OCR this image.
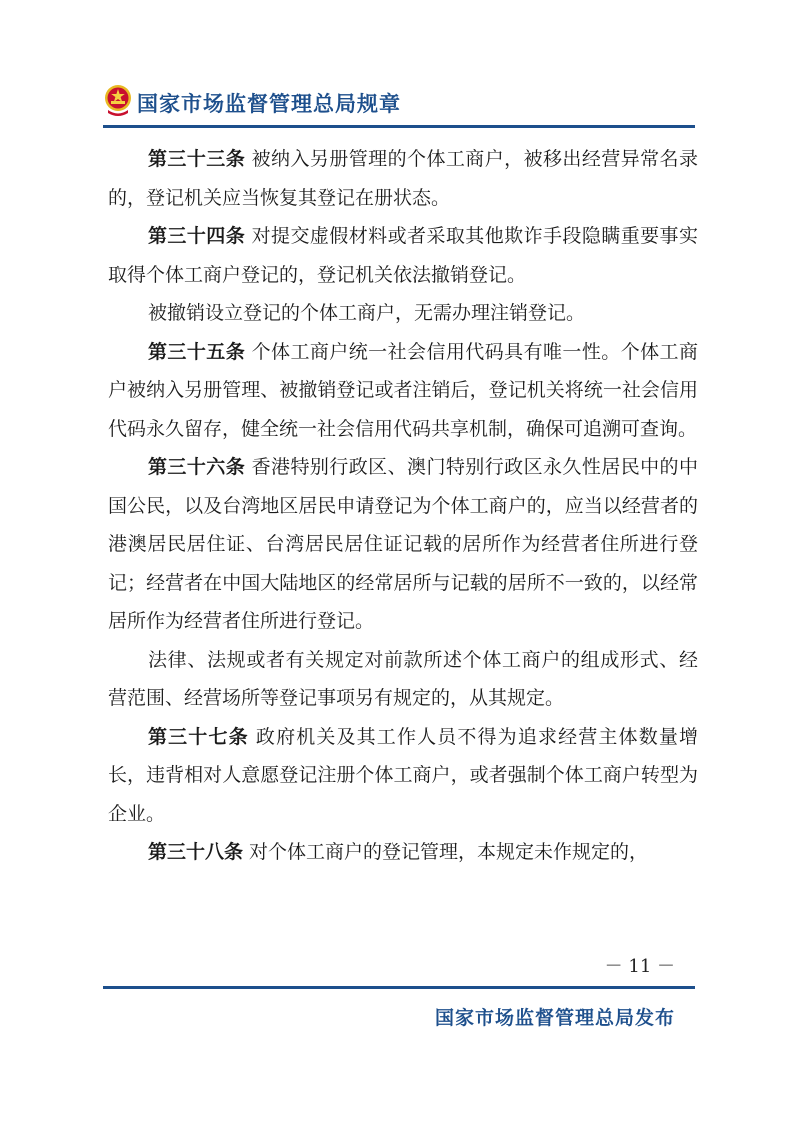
国家市场监督管理总局规章

第三十三条 被纳入另册管理的个体工商户，被移出经营异常名录的，登记机关应当恢复其登记在册状态。

第三十四条 对提交虚假材料或者采取其他欺诈手段隐瞒重要事实取得个体工商户登记的，登记机关依法撤销登记。

被撤销设立登记的个体工商户，无需办理注销登记。

第三十五条 个体工商户统一社会信用代码具有唯一性。个体工商户被纳入另册管理、被撤销登记或者注销后，登记机关将统一社会信用代码永久留存，健全统一社会信用代码共享机制，确保可追溯可查询。

第三十六条 香港特别行政区、澳门特别行政区永久性居民中的中国公民，以及台湾地区居民申请登记为个体工商户的，应当以经营者的港澳居民居住证、台湾居民居住证记载的居所作为经营者住所进行登记；经营者在中国大陆地区的经常居所与记载的居所不一致的，以经常居所作为经营者住所进行登记。

法律、法规或者有关规定对前款所述个体工商户的组成形式、经营范围、经营场所等登记事项另有规定的，从其规定。

第三十七条 政府机关及其工作人员不得为追求经营主体数量增长，违背相对人意愿登记注册个体工商户，或者强制个体工商户转型为企业。

第三十八条 对个体工商户的登记管理，本规定未作规定的，

－ 11 －
国家市场监督管理总局发布
